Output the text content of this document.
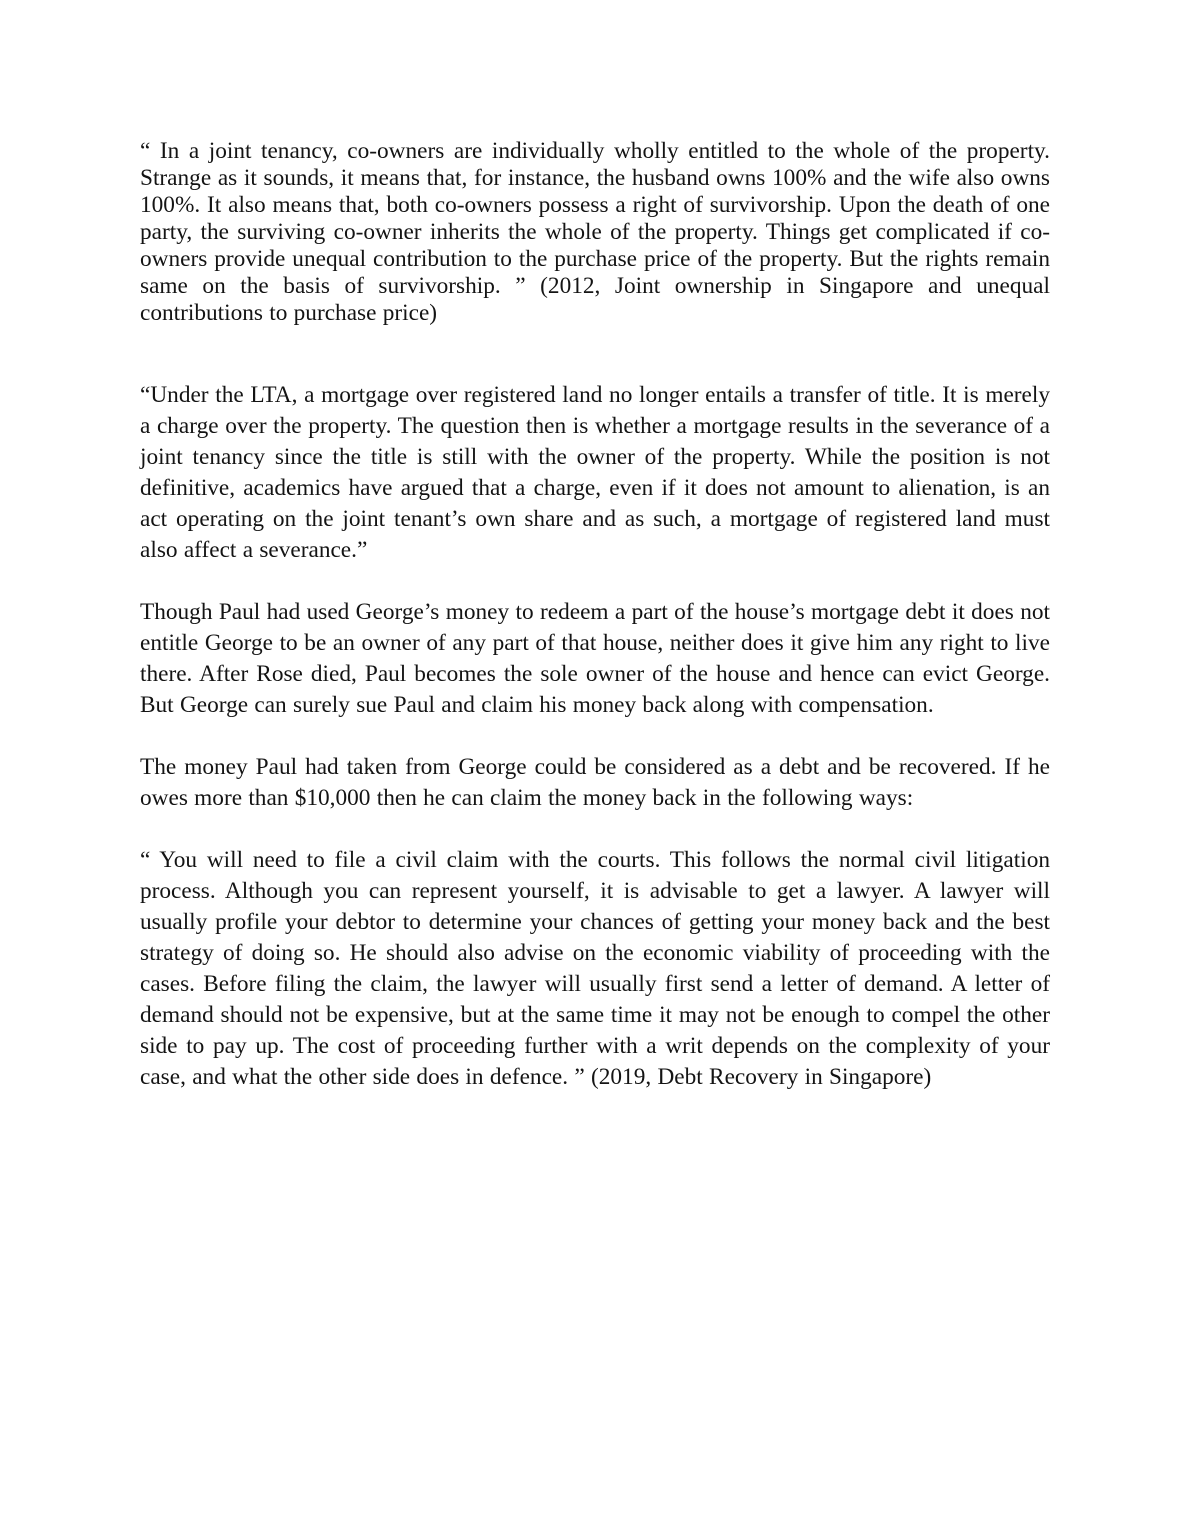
“ In a joint tenancy, co-owners are individually wholly entitled to the whole of the property. Strange as it sounds, it means that, for instance, the husband owns 100% and the wife also owns 100%. It also means that, both co-owners possess a right of survivorship. Upon the death of one party, the surviving co-owner inherits the whole of the property. Things get complicated if co-owners provide unequal contribution to the purchase price of the property. But the rights remain same on the basis of survivorship. ” (2012, Joint ownership in Singapore and unequal contributions to purchase price)

“Under the LTA, a mortgage over registered land no longer entails a transfer of title. It is merely a charge over the property. The question then is whether a mortgage results in the severance of a joint tenancy since the title is still with the owner of the property. While the position is not definitive, academics have argued that a charge, even if it does not amount to alienation, is an act operating on the joint tenant’s own share and as such, a mortgage of registered land must also affect a severance.”

Though Paul had used George’s money to redeem a part of the house’s mortgage debt it does not entitle George to be an owner of any part of that house, neither does it give him any right to live there. After Rose died, Paul becomes the sole owner of the house and hence can evict George. But George can surely sue Paul and claim his money back along with compensation.

The money Paul had taken from George could be considered as a debt and be recovered. If he owes more than $10,000 then he can claim the money back in the following ways:

“ You will need to file a civil claim with the courts. This follows the normal civil litigation process. Although you can represent yourself, it is advisable to get a lawyer. A lawyer will usually profile your debtor to determine your chances of getting your money back and the best strategy of doing so. He should also advise on the economic viability of proceeding with the cases. Before filing the claim, the lawyer will usually first send a letter of demand. A letter of demand should not be expensive, but at the same time it may not be enough to compel the other side to pay up. The cost of proceeding further with a writ depends on the complexity of your case, and what the other side does in defence. ” (2019, Debt Recovery in Singapore)
